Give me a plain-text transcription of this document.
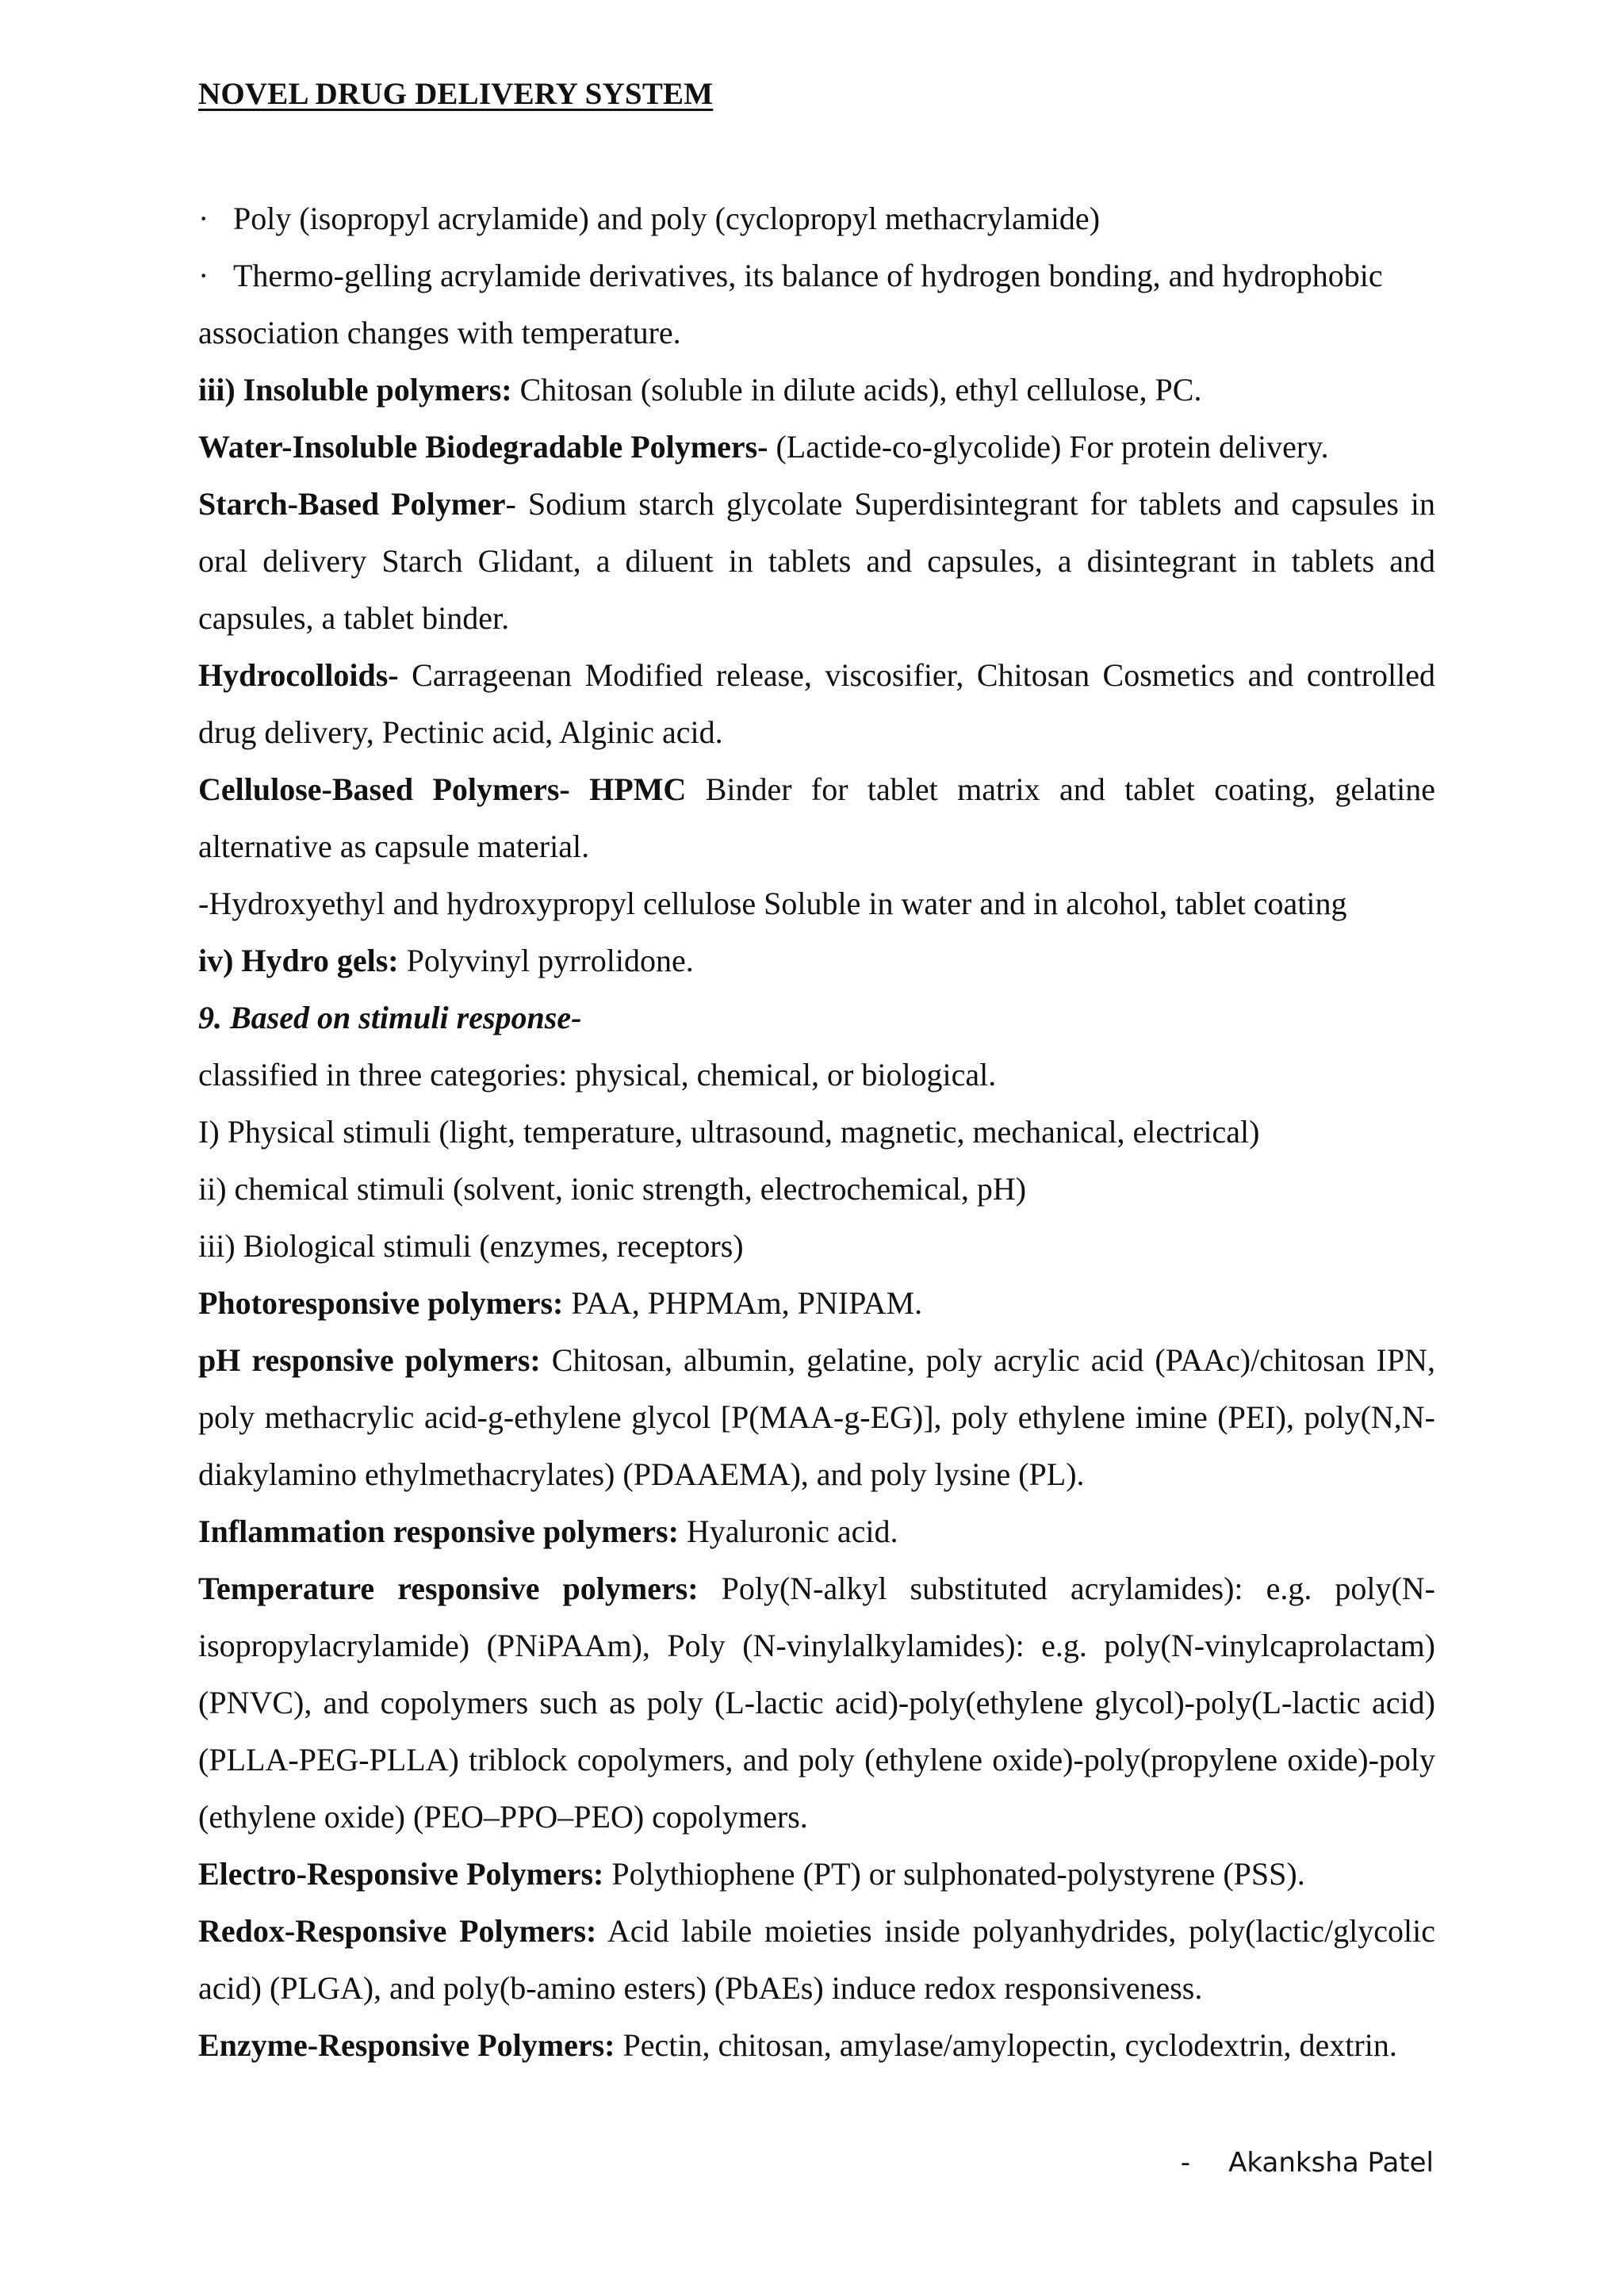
NOVEL DRUG DELIVERY SYSTEM

· Poly (isopropyl acrylamide) and poly (cyclopropyl methacrylamide)

· Thermo-gelling acrylamide derivatives, its balance of hydrogen bonding, and hydrophobic association changes with temperature.

iii) Insoluble polymers: Chitosan (soluble in dilute acids), ethyl cellulose, PC.

Water-Insoluble Biodegradable Polymers- (Lactide-co-glycolide) For protein delivery.

Starch-Based Polymer- Sodium starch glycolate Superdisintegrant for tablets and capsules in oral delivery Starch Glidant, a diluent in tablets and capsules, a disintegrant in tablets and capsules, a tablet binder.

Hydrocolloids- Carrageenan Modified release, viscosifier, Chitosan Cosmetics and controlled drug delivery, Pectinic acid, Alginic acid.

Cellulose-Based Polymers- HPMC Binder for tablet matrix and tablet coating, gelatine alternative as capsule material.

-Hydroxyethyl and hydroxypropyl cellulose Soluble in water and in alcohol, tablet coating

iv) Hydro gels: Polyvinyl pyrrolidone.

9. Based on stimuli response-

classified in three categories: physical, chemical, or biological.

I) Physical stimuli (light, temperature, ultrasound, magnetic, mechanical, electrical)

ii) chemical stimuli (solvent, ionic strength, electrochemical, pH)

iii) Biological stimuli (enzymes, receptors)

Photoresponsive polymers: PAA, PHPMAm, PNIPAM.

pH responsive polymers: Chitosan, albumin, gelatine, poly acrylic acid (PAAc)/chitosan IPN, poly methacrylic acid-g-ethylene glycol [P(MAA-g-EG)], poly ethylene imine (PEI), poly(N,N-diakylamino ethylmethacrylates) (PDAAEMA), and poly lysine (PL).

Inflammation responsive polymers: Hyaluronic acid.

Temperature responsive polymers: Poly(N-alkyl substituted acrylamides): e.g. poly(N-isopropylacrylamide) (PNiPAAm), Poly (N-vinylalkylamides): e.g. poly(N-vinylcaprolactam) (PNVC), and copolymers such as poly (L-lactic acid)-poly(ethylene glycol)-poly(L-lactic acid) (PLLA-PEG-PLLA) triblock copolymers, and poly (ethylene oxide)-poly(propylene oxide)-poly (ethylene oxide) (PEO–PPO–PEO) copolymers.

Electro-Responsive Polymers: Polythiophene (PT) or sulphonated-polystyrene (PSS).

Redox-Responsive Polymers: Acid labile moieties inside polyanhydrides, poly(lactic/glycolic acid) (PLGA), and poly(b-amino esters) (PbAEs) induce redox responsiveness.

Enzyme-Responsive Polymers: Pectin, chitosan, amylase/amylopectin, cyclodextrin, dextrin.

- Akanksha Patel
